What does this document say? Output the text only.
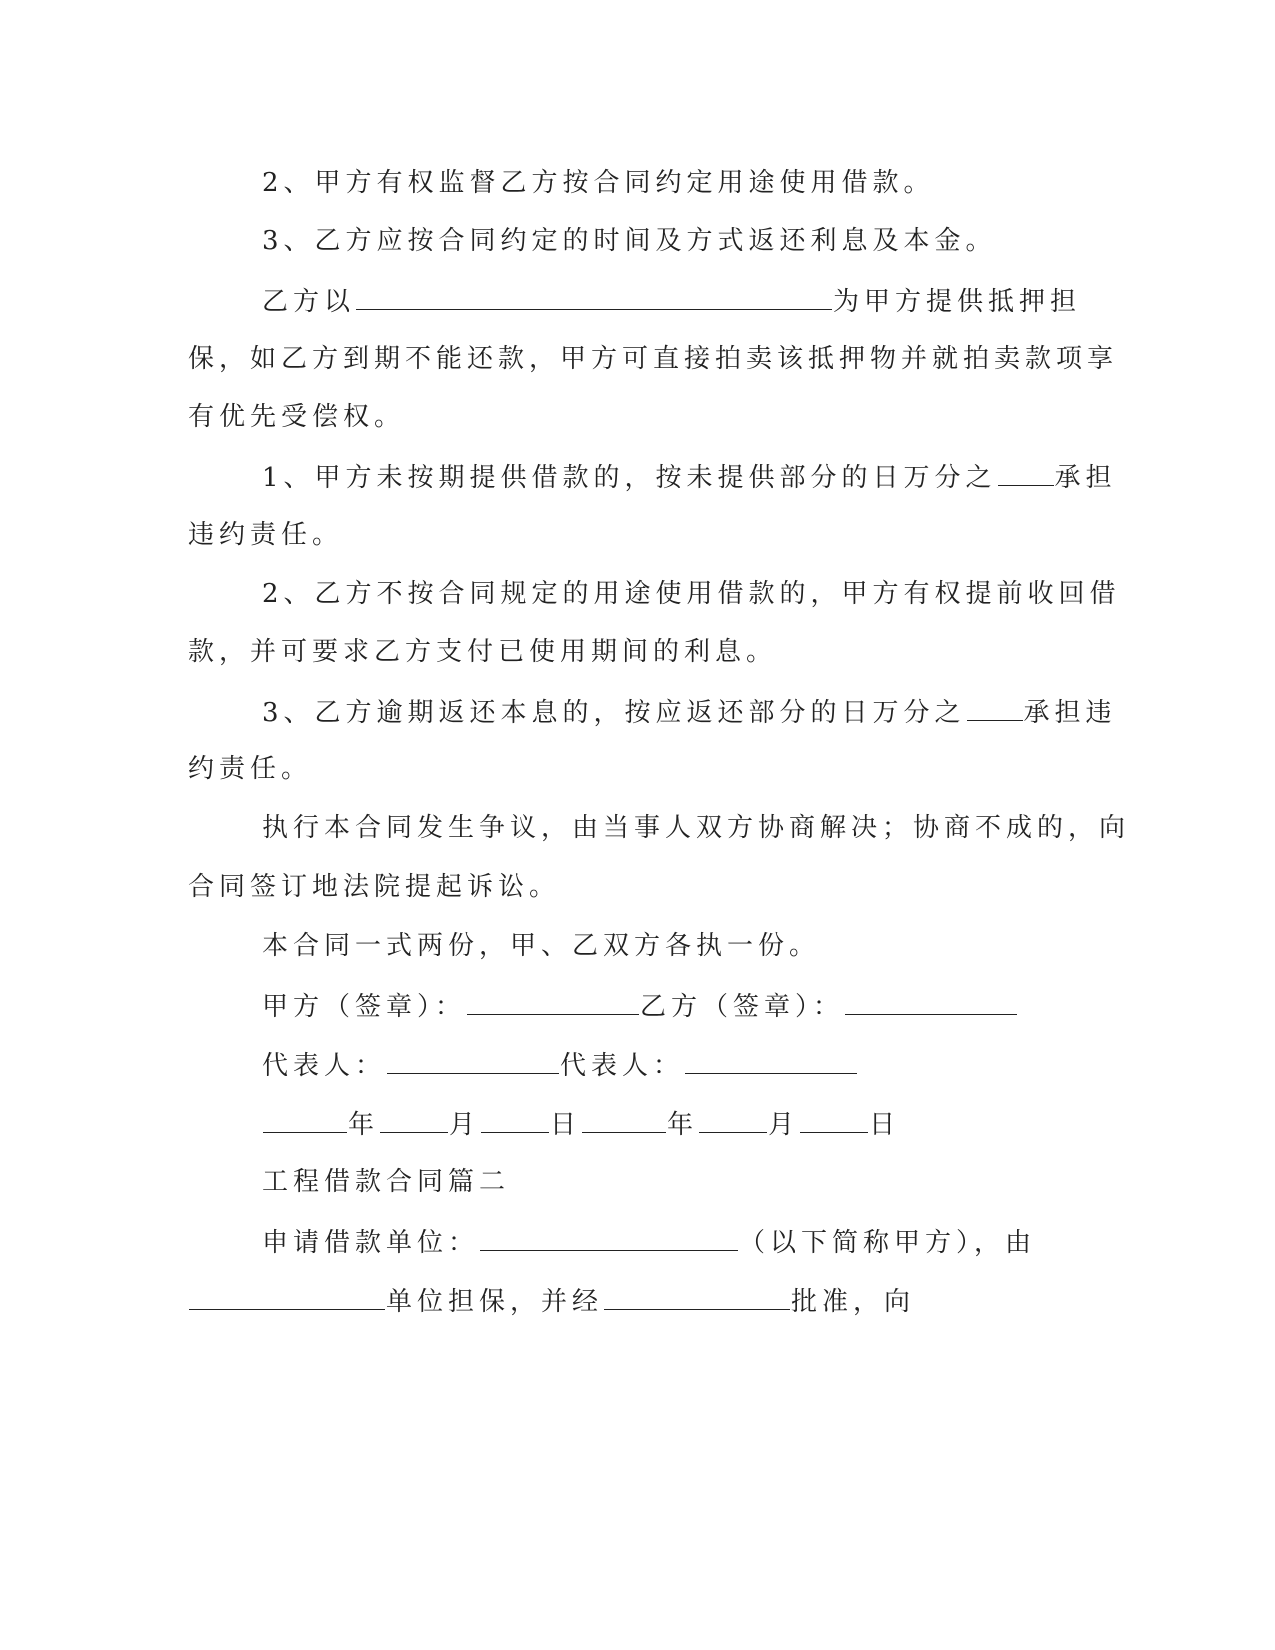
2、甲方有权监督乙方按合同约定用途使用借款。
3、乙方应按合同约定的时间及方式返还利息及本金。
乙方以	为甲方提供抵押担
保，如乙方到期不能还款，甲方可直接拍卖该抵押物并就拍卖款项享
有优先受偿权。
1、甲方未按期提供借款的，按未提供部分的日万分之 承担
违约责任。
2、乙方不按合同规定的用途使用借款的，甲方有权提前收回借
款，并可要求乙方支付已使用期间的利息。
3、乙方逾期返还本息的，按应返还部分的日万分之 承担违
约责任。
执行本合同发生争议，由当事人双方协商解决；协商不成的，向
合同签订地法院提起诉讼。
本合同一式两份，甲、乙双方各执一份。
甲方（签章）：	乙方（签章）：
代表人：	代表人：
年	月	日	年	月	日
工程借款合同篇二
申请借款单位：	（以下简称甲方），由
单位担保，并经	批准，向
